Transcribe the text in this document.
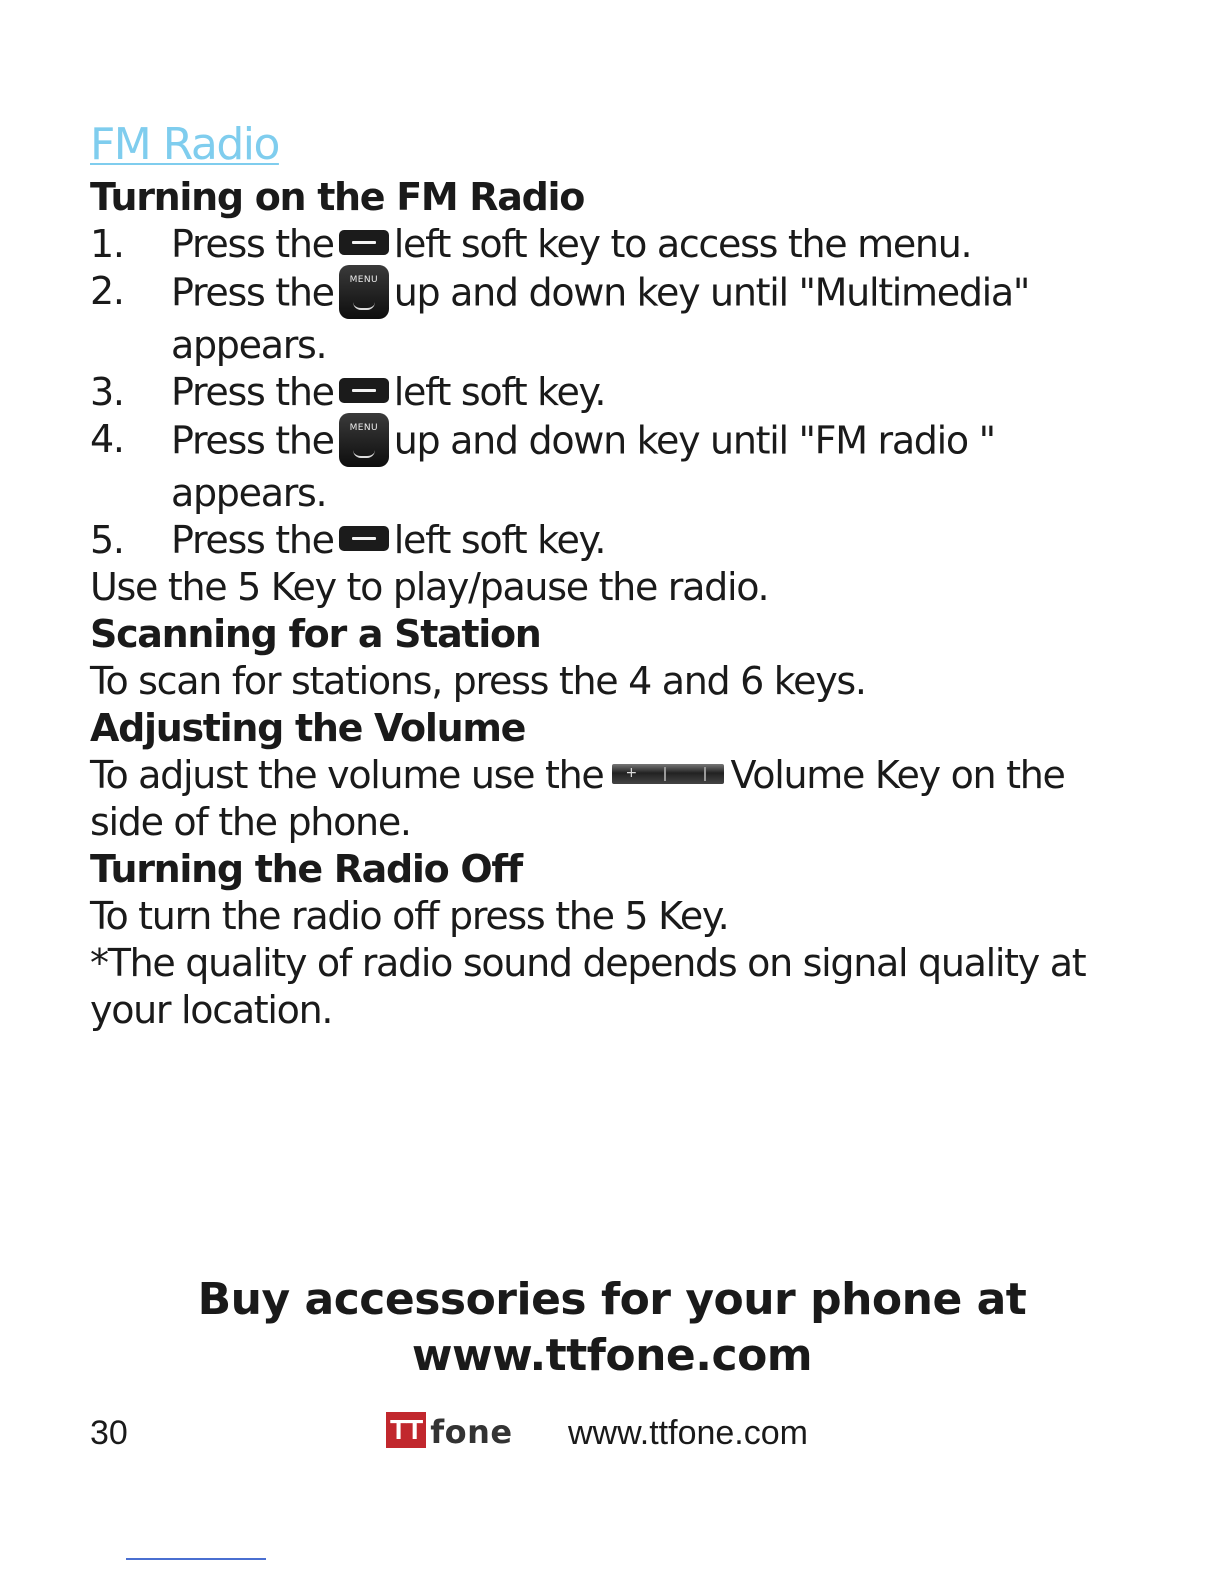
FM Radio
Turning on the FM Radio
1. Press the left soft key to access the menu.
2. Press the	MENU up and down key until "Multimedia"
appears.
3. Press the left soft key.
4. Press the	MENU up and down key until "FM radio "
appears.
5. Press the left soft key.

Use the 5 Key to play/pause the radio.

Scanning for a Station

To scan for stations, press the 4 and 6 keys.

Adjusting the Volume

To adjust the volume use the + Volume Key on the
side of the phone.

Turning the Radio Off

To turn the radio off press the 5 Key.

*The quality of radio sound depends on signal quality at your location.

Buy accessories for your phone at
www.ttfone.com
30	TT fone www.ttfone.com
